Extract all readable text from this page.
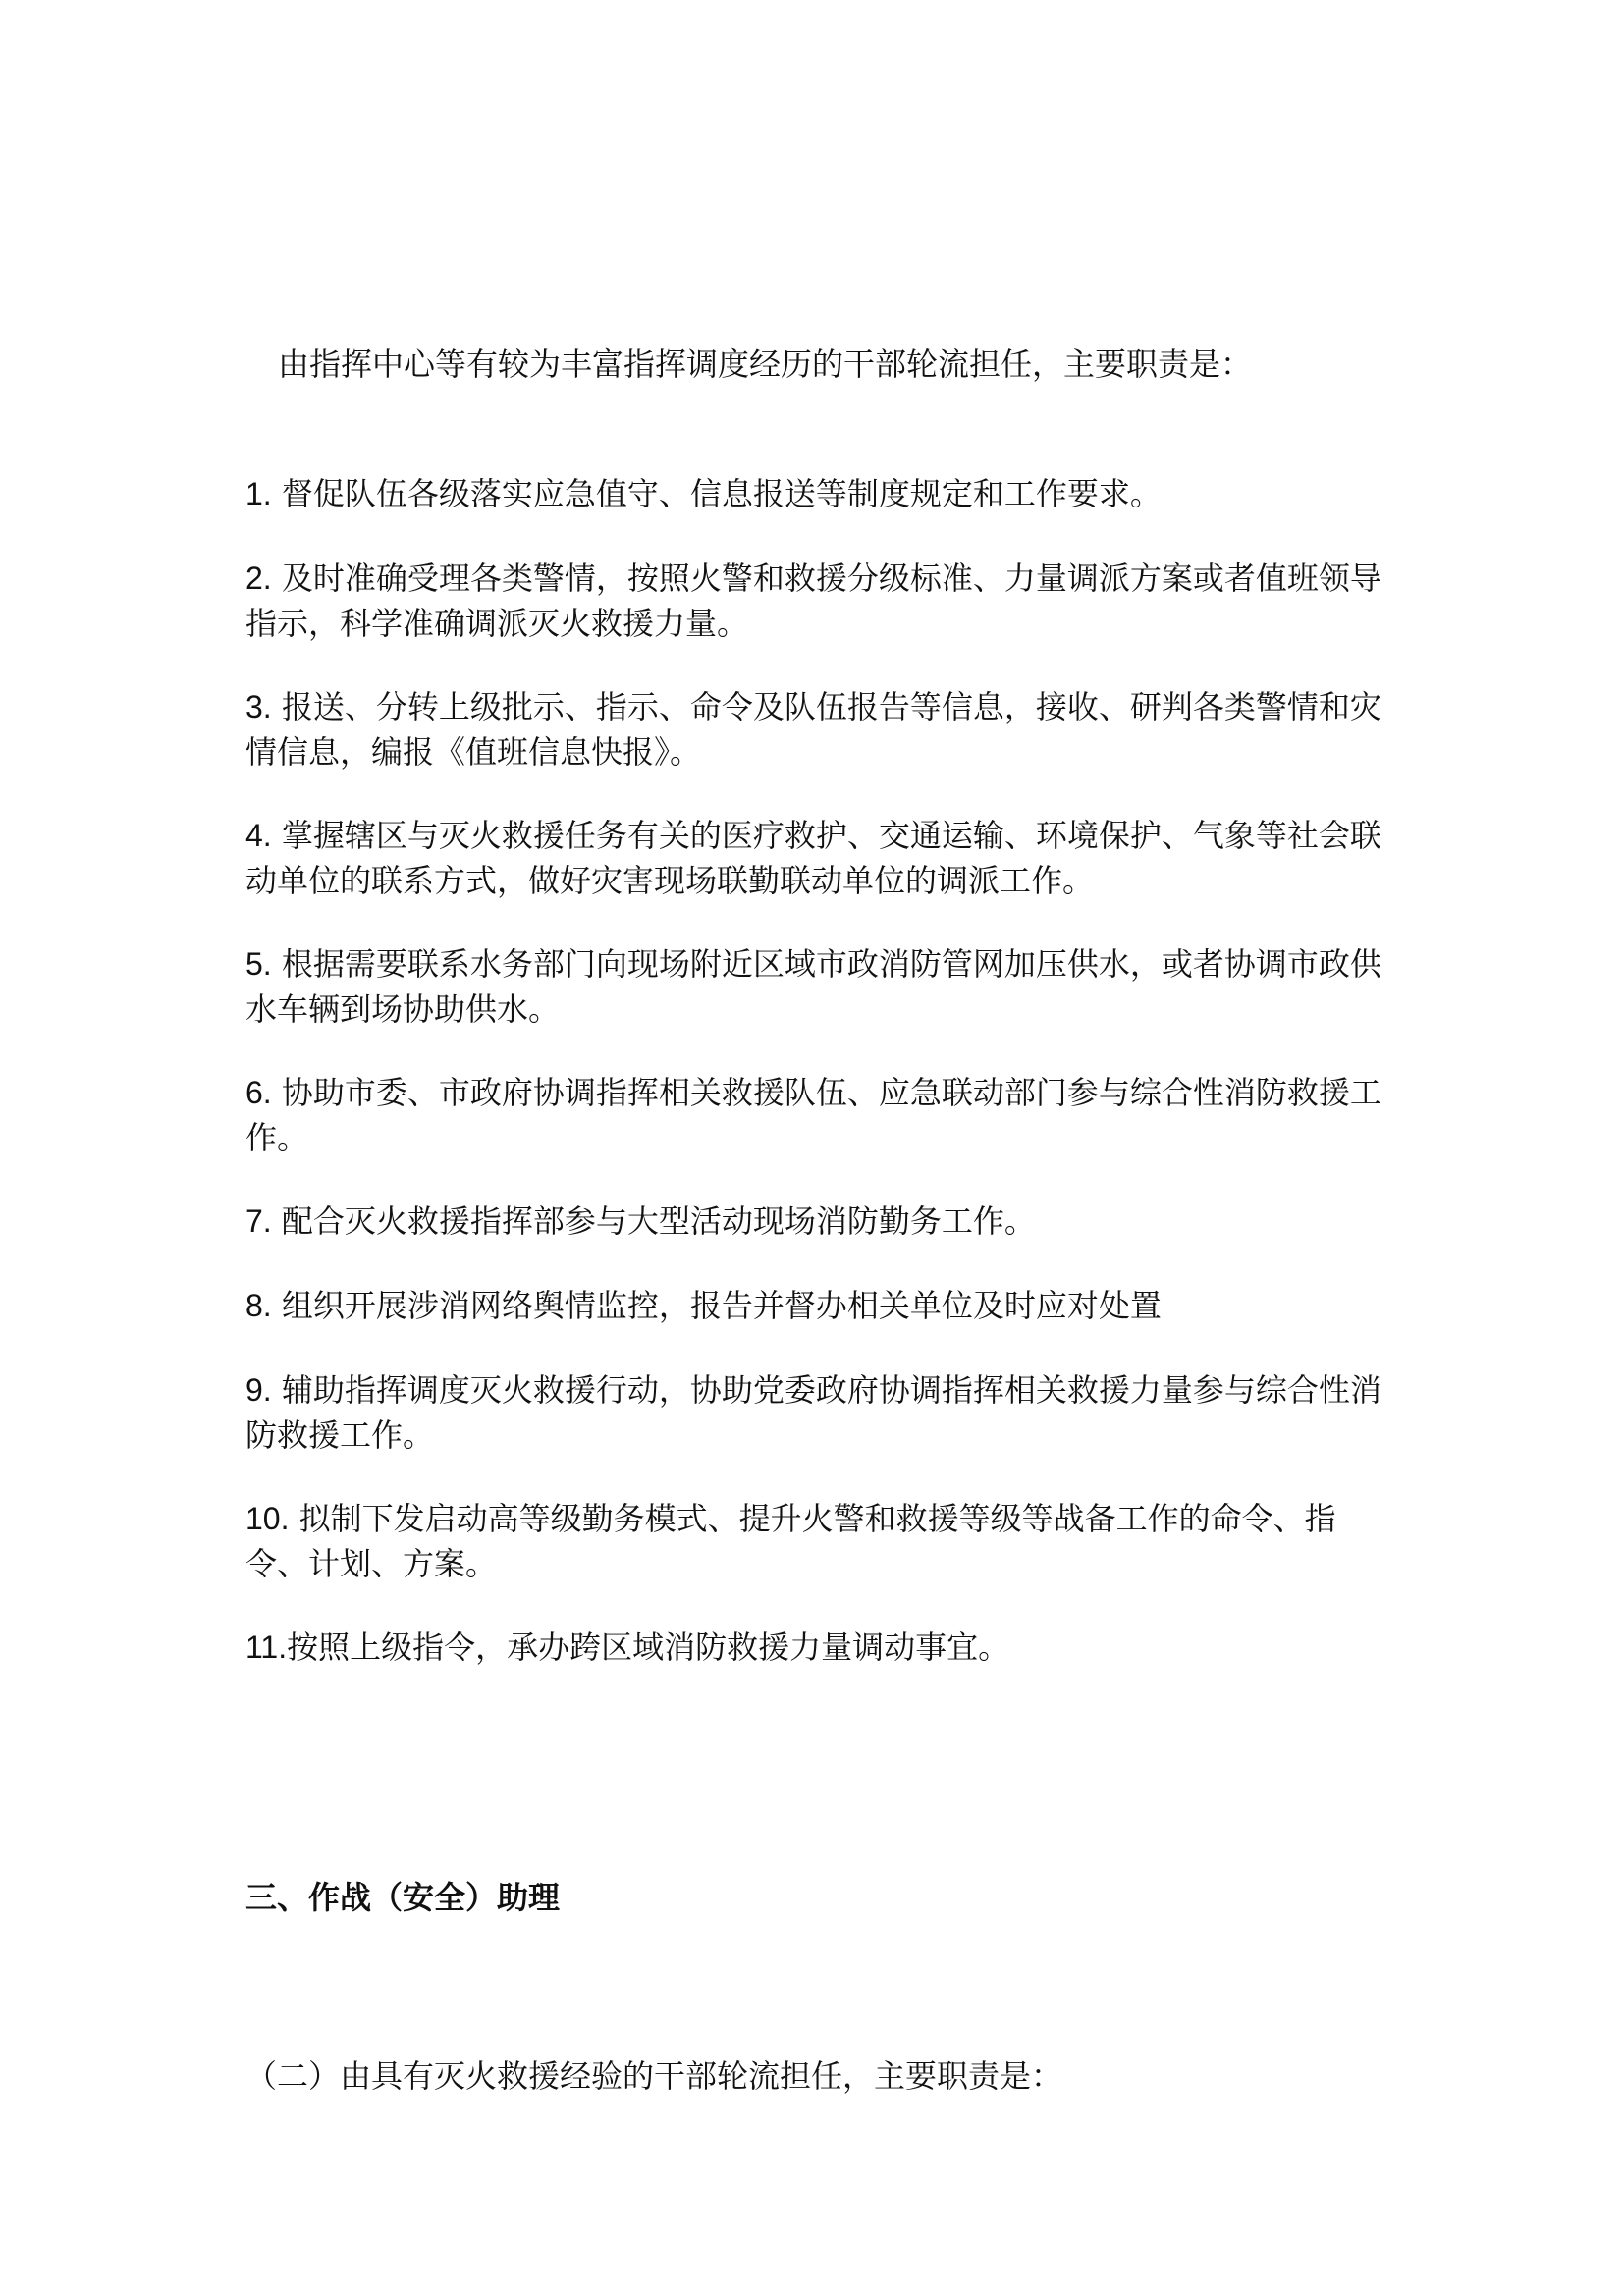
由指挥中心等有较为丰富指挥调度经历的干部轮流担任，主要职责是：

1. 督促队伍各级落实应急值守、信息报送等制度规定和工作要求。

2. 及时准确受理各类警情，按照火警和救援分级标准、力量调派方案或者值班领导指示，科学准确调派灭火救援力量。

3. 报送、分转上级批示、指示、命令及队伍报告等信息，接收、研判各类警情和灾情信息，编报《值班信息快报》。

4. 掌握辖区与灭火救援任务有关的医疗救护、交通运输、环境保护、气象等社会联动单位的联系方式，做好灾害现场联勤联动单位的调派工作。

5. 根据需要联系水务部门向现场附近区域市政消防管网加压供水，或者协调市政供水车辆到场协助供水。

6. 协助市委、市政府协调指挥相关救援队伍、应急联动部门参与综合性消防救援工作。

7. 配合灭火救援指挥部参与大型活动现场消防勤务工作。

8. 组织开展涉消网络舆情监控，报告并督办相关单位及时应对处置

9. 辅助指挥调度灭火救援行动，协助党委政府协调指挥相关救援力量参与综合性消防救援工作。

10. 拟制下发启动高等级勤务模式、提升火警和救援等级等战备工作的命令、指令、计划、方案。

11.按照上级指令，承办跨区域消防救援力量调动事宜。

三、作战（安全）助理

（二）由具有灭火救援经验的干部轮流担任，主要职责是：
